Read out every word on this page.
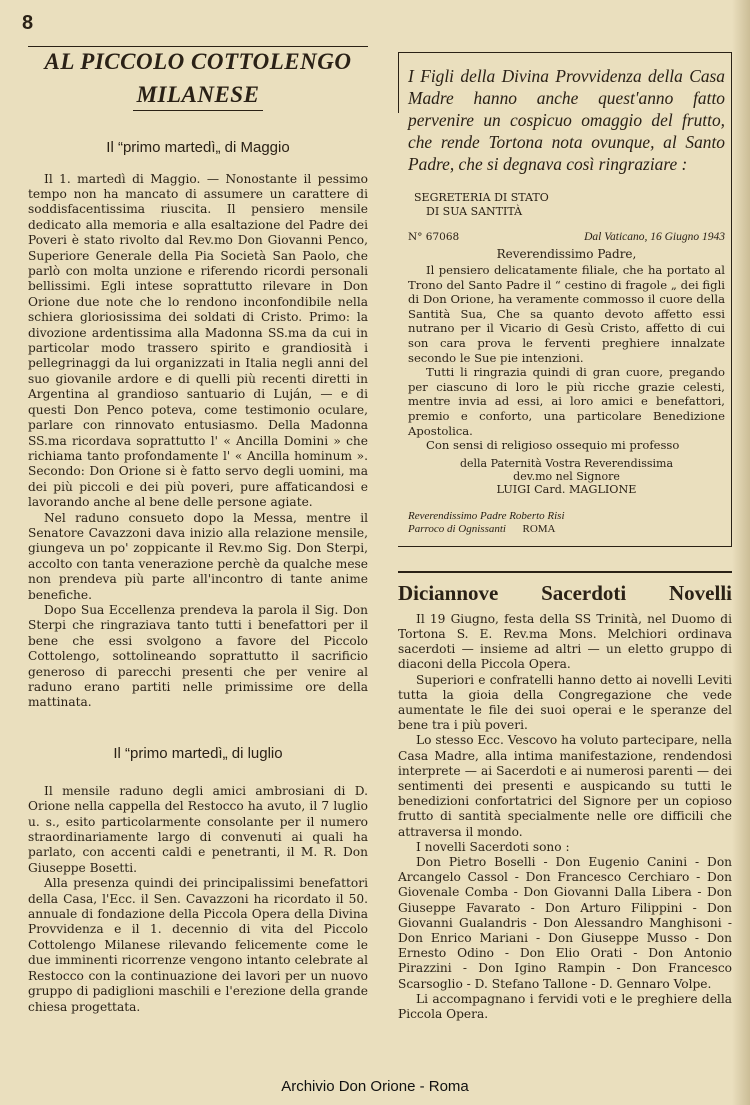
8
AL PICCOLO COTTOLENGO
MILANESE
Il “primo martedì„ di Maggio

Il 1. martedì di Maggio. — Nonostante il pessimo tempo non ha mancato di assumere un carattere di soddisfacentissima riuscita. Il pensiero mensile dedicato alla memoria e alla esaltazione del Padre dei Poveri è stato rivolto dal Rev.mo Don Giovanni Penco, Superiore Generale della Pia Società San Paolo, che parlò con molta unzione e riferendo ricordi personali bellissimi. Egli intese soprattutto rilevare in Don Orione due note che lo rendono inconfondibile nella schiera gloriosissima dei soldati di Cristo. Primo: la divozione ardentissima alla Madonna SS.ma da cui in particolar modo trassero spirito e grandiosità i pellegrinaggi da lui organizzati in Italia negli anni del suo giovanile ardore e di quelli più recenti diretti in Argentina al grandioso santuario di Luján, — e di questi Don Penco poteva, come testimonio oculare, parlare con rinnovato entusiasmo. Della Madonna SS.ma ricordava soprattutto l' « Ancilla Domini » che richiama tanto profondamente l' « Ancilla hominum ». Secondo: Don Orione si è fatto servo degli uomini, ma dei più piccoli e dei più poveri, pure affaticandosi e lavorando anche al bene delle persone agiate.

Nel raduno consueto dopo la Messa, mentre il Senatore Cavazzoni dava inizio alla relazione mensile, giungeva un po' zoppicante il Rev.mo Sig. Don Sterpi, accolto con tanta venerazione perchè da qualche mese non prendeva più parte all'incontro di tante anime benefiche.

Dopo Sua Eccellenza prendeva la parola il Sig. Don Sterpi che ringraziava tanto tutti i benefattori per il bene che essi svolgono a favore del Piccolo Cottolengo, sottolineando soprattutto il sacrificio generoso di parecchi presenti che per venire al raduno erano partiti nelle primissime ore della mattinata.

Il “primo martedì„ di luglio

Il mensile raduno degli amici ambrosiani di D. Orione nella cappella del Restocco ha avuto, il 7 luglio u. s., esito particolarmente consolante per il numero straordinariamente largo di convenuti ai quali ha parlato, con accenti caldi e penetranti, il M. R. Don Giuseppe Bosetti.

Alla presenza quindi dei principalissimi benefattori della Casa, l'Ecc. il Sen. Cavazzoni ha ricordato il 50. annuale di fondazione della Piccola Opera della Divina Provvidenza e il 1. decennio di vita del Piccolo Cottolengo Milanese rilevando felicemente come le due imminenti ricorrenze vengono intanto celebrate al Restocco con la continuazione dei lavori per un nuovo gruppo di padiglioni maschili e l'erezione della grande chiesa progettata.

I Figli della Divina Provvidenza della Casa Madre hanno anche quest'anno fatto pervenire un cospicuo omaggio del frutto, che rende Tortona nota ovunque, al Santo Padre, che si degnava così ringraziare :

SEGRETERIA DI STATO
DI SUA SANTITÀ
N° 67068	Dal Vaticano, 16 Giugno 1943
Reverendissimo Padre,

Il pensiero delicatamente filiale, che ha portato al Trono del Santo Padre il “ cestino di fragole „ dei figli di Don Orione, ha veramente commosso il cuore della Santità Sua, Che sa quanto devoto affetto essi nutrano per il Vicario di Gesù Cristo, affetto di cui son cara prova le ferventi preghiere innalzate secondo le Sue pie intenzioni.

Tutti li ringrazia quindi di gran cuore, pregando per ciascuno di loro le più ricche grazie celesti, mentre invia ad essi, ai loro amici e benefattori, premio e conforto, una particolare Benedizione Apostolica.

Con sensi di religioso ossequio mi professo

della Paternità Vostra Reverendissima
dev.mo nel Signore
LUIGI Card. MAGLIONE
Reverendissimo Padre Roberto Risi
Parroco di Ognissanti ROMA
Diciannove Sacerdoti Novelli

Il 19 Giugno, festa della SS Trinità, nel Duomo di Tortona S. E. Rev.ma Mons. Melchiori ordinava sacerdoti — insieme ad altri — un eletto gruppo di diaconi della Piccola Opera.

Superiori e confratelli hanno detto ai novelli Leviti tutta la gioia della Congregazione che vede aumentate le file dei suoi operai e le speranze del bene tra i più poveri.

Lo stesso Ecc. Vescovo ha voluto partecipare, nella Casa Madre, alla intima manifestazione, rendendosi interprete — ai Sacerdoti e ai numerosi parenti — dei sentimenti dei presenti e auspicando su tutti le benedizioni confortatrici del Signore per un copioso frutto di santità specialmente nelle ore difficili che attraversa il mondo.

I novelli Sacerdoti sono :

Don Pietro Boselli - Don Eugenio Canini - Don Arcangelo Cassol - Don Francesco Cerchiaro - Don Giovenale Comba - Don Giovanni Dalla Libera - Don Giuseppe Favarato - Don Arturo Filippini - Don Giovanni Gualandris - Don Alessandro Manghisoni - Don Enrico Mariani - Don Giuseppe Musso - Don Ernesto Odino - Don Elio Orati - Don Antonio Pirazzini - Don Igino Rampin - Don Francesco Scarsoglio - D. Stefano Tallone - D. Gennaro Volpe.

Li accompagnano i fervidi voti e le preghiere della Piccola Opera.

Archivio Don Orione - Roma
